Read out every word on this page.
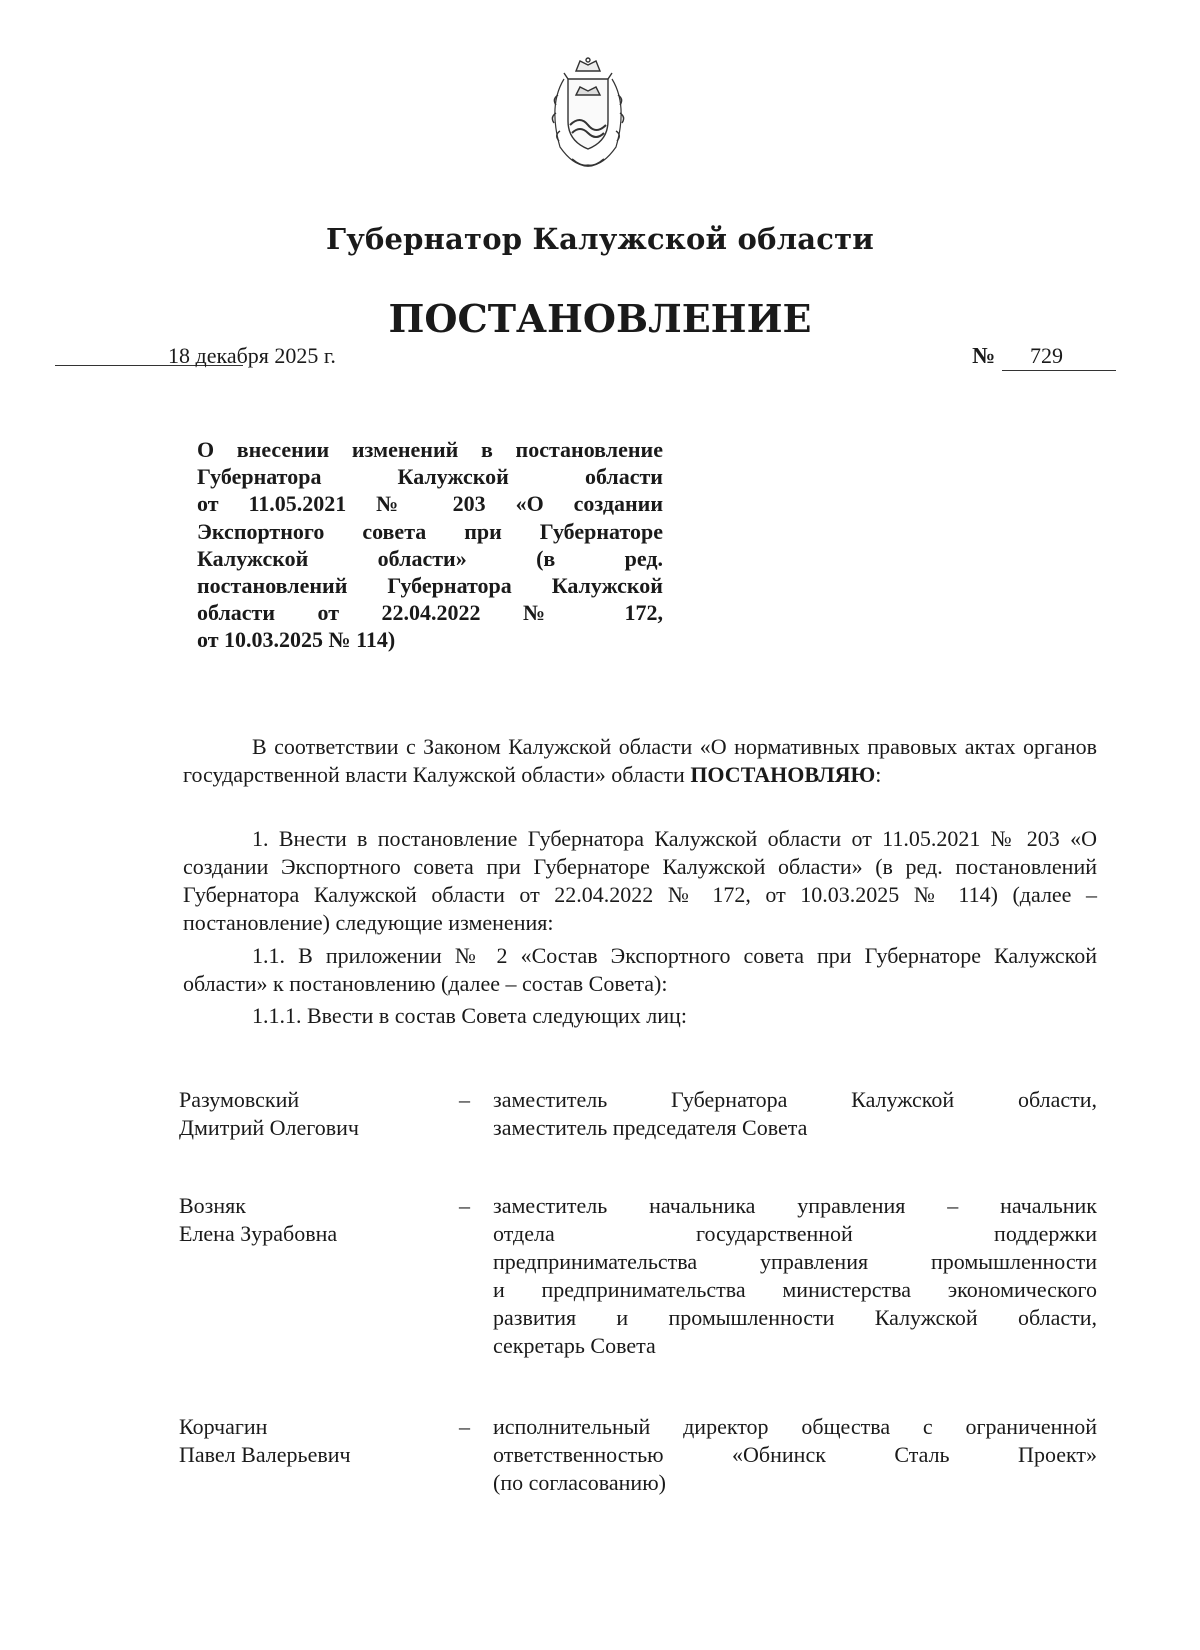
Губернатор Калужской области
ПОСТАНОВЛЕНИЕ
18 декабря 2025 г.	№ 729
О внесении изменений в постановление
Губернатора Калужской области
от 11.05.2021 № 203 «О создании
Экспортного совета при Губернаторе
Калужской области» (в ред.
постановлений Губернатора Калужской
области от 22.04.2022 № 172,
от 10.03.2025 № 114)
В соответствии с Законом Калужской области «О нормативных правовых актах органов государственной власти Калужской области» области ПОСТАНОВЛЯЮ:
1. Внести в постановление Губернатора Калужской области от 11.05.2021 № 203 «О создании Экспортного совета при Губернаторе Калужской области» (в ред. постановлений Губернатора Калужской области от 22.04.2022 № 172, от 10.03.2025 № 114) (далее – постановление) следующие изменения:
1.1. В приложении № 2 «Состав Экспортного совета при Губернаторе Калужской области» к постановлению (далее – состав Совета):
1.1.1. Ввести в состав Совета следующих лиц:
Разумовский
Дмитрий Олегович
– заместитель Губернатора Калужской области,
заместитель председателя Совета
Возняк
Елена Зурабовна
– заместитель начальника управления – начальник
отдела государственной поддержки
предпринимательства управления промышленности
и предпринимательства министерства экономического
развития и промышленности Калужской области,
секретарь Совета
Корчагин
Павел Валерьевич
– исполнительный директор общества с ограниченной
ответственностью «Обнинск Сталь Проект»
(по согласованию)
